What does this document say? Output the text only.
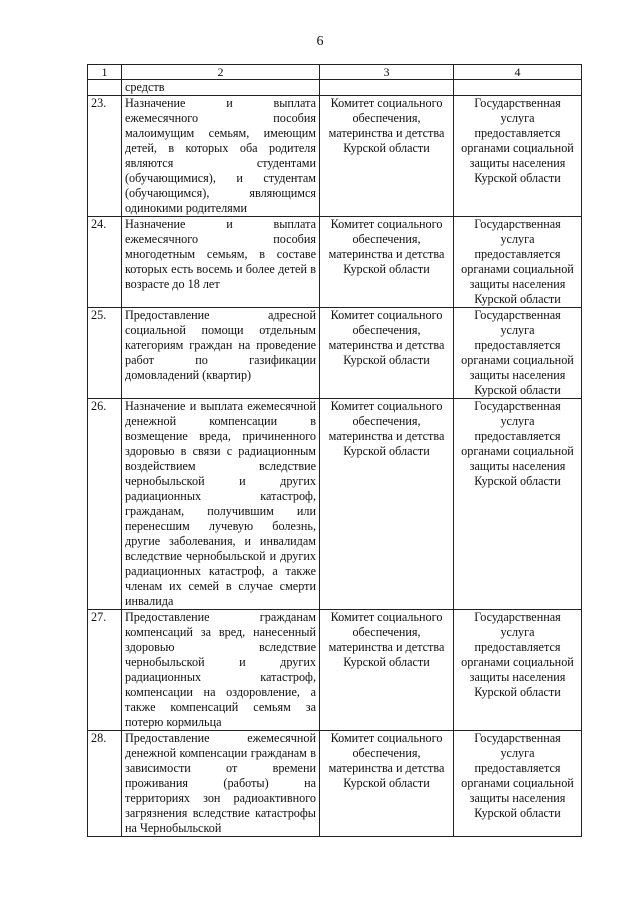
6
1	2	3	4
	средств		
23.	Назначение и выплата ежемесячного пособия малоимущим семьям, имеющим детей, в которых оба родителя являются студентами (обучающимися), и студентам (обучающимся), являющимся одинокими родителями	Комитет социального обеспечения, материнства и детства Курской области	Государственная услуга предоставляется органами социальной защиты населения Курской области
24.	Назначение и выплата ежемесячного пособия многодетным семьям, в составе которых есть восемь и более детей в возрасте до 18 лет	Комитет социального обеспечения, материнства и детства Курской области	Государственная услуга предоставляется органами социальной защиты населения Курской области
25.	Предоставление адресной социальной помощи отдельным категориям граждан на проведение работ по газификации домовладений (квартир)	Комитет социального обеспечения, материнства и детства Курской области	Государственная услуга предоставляется органами социальной защиты населения Курской области
26.	Назначение и выплата ежемесячной денежной компенсации в возмещение вреда, причиненного здоровью в связи с радиационным воздействием вследствие чернобыльской и других радиационных катастроф, гражданам, получившим или перенесшим лучевую болезнь, другие заболевания, и инвалидам вследствие чернобыльской и других радиационных катастроф, а также членам их семей в случае смерти инвалида	Комитет социального обеспечения, материнства и детства Курской области	Государственная услуга предоставляется органами социальной защиты населения Курской области
27.	Предоставление гражданам компенсаций за вред, нанесенный здоровью вследствие чернобыльской и других радиационных катастроф, компенсации на оздоровление, а также компенсаций семьям за потерю кормильца	Комитет социального обеспечения, материнства и детства Курской области	Государственная услуга предоставляется органами социальной защиты населения Курской области
28.	Предоставление ежемесячной денежной компенсации гражданам в зависимости от времени проживания (работы) на территориях зон радиоактивного загрязнения вследствие катастрофы на Чернобыльской	Комитет социального обеспечения, материнства и детства Курской области	Государственная услуга предоставляется органами социальной защиты населения Курской области
